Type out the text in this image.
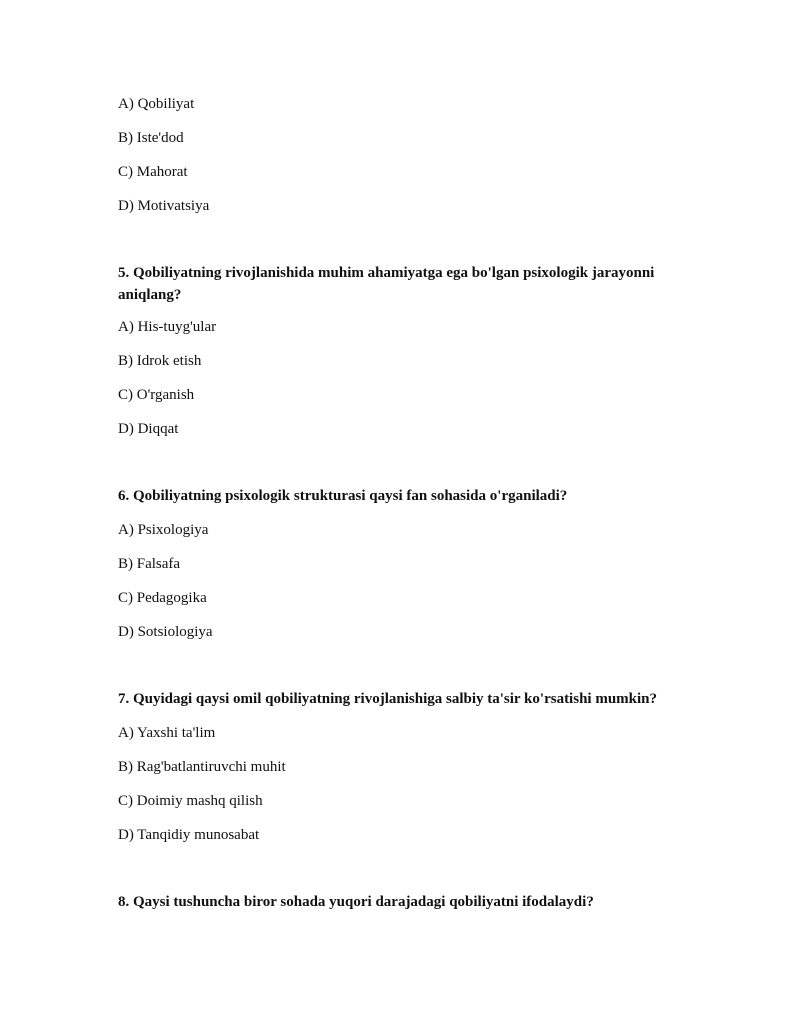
A) Qobiliyat
B) Iste'dod
C) Mahorat
D) Motivatsiya
5. Qobiliyatning rivojlanishida muhim ahamiyatga ega bo'lgan psixologik jarayonni aniqlang?
A) His-tuyg'ular
B) Idrok etish
C) O'rganish
D) Diqqat
6. Qobiliyatning psixologik strukturasi qaysi fan sohasida o'rganiladi?
A) Psixologiya
B) Falsafa
C) Pedagogika
D) Sotsiologiya
7. Quyidagi qaysi omil qobiliyatning rivojlanishiga salbiy ta'sir ko'rsatishi mumkin?
A) Yaxshi ta'lim
B) Rag'batlantiruvchi muhit
C) Doimiy mashq qilish
D) Tanqidiy munosabat
8. Qaysi tushuncha biror sohada yuqori darajadagi qobiliyatni ifodalaydi?
